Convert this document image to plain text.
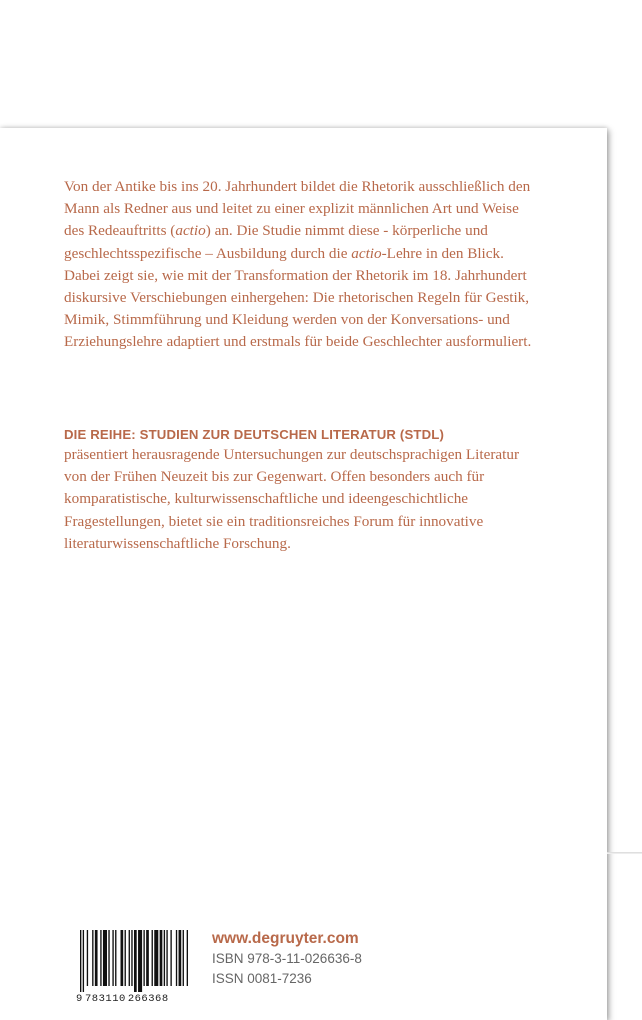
Von der Antike bis ins 20. Jahrhundert bildet die Rhetorik ausschließlich den Mann als Redner aus und leitet zu einer explizit männlichen Art und Weise des Redeauftritts (actio) an. Die Studie nimmt diese - körperliche und geschlechtsspezifische – Ausbildung durch die actio-Lehre in den Blick. Dabei zeigt sie, wie mit der Transformation der Rhetorik im 18. Jahrhundert diskursive Verschiebungen einhergehen: Die rhetorischen Regeln für Gestik, Mimik, Stimmführung und Kleidung werden von der Konversations- und Erziehungslehre adaptiert und erstmals für beide Geschlechter ausformuliert.

DIE REIHE: STUDIEN ZUR DEUTSCHEN LITERATUR (STDL)

präsentiert herausragende Untersuchungen zur deutschsprachigen Literatur von der Frühen Neuzeit bis zur Gegenwart. Offen besonders auch für komparatistische, kulturwissenschaftliche und ideengeschichtliche Fragestellungen, bietet sie ein traditionsreiches Forum für innovative literaturwissenschaftliche Forschung.

9 783110 266368
www.degruyter.com
ISBN 978-3-11-026636-8
ISSN 0081-7236
